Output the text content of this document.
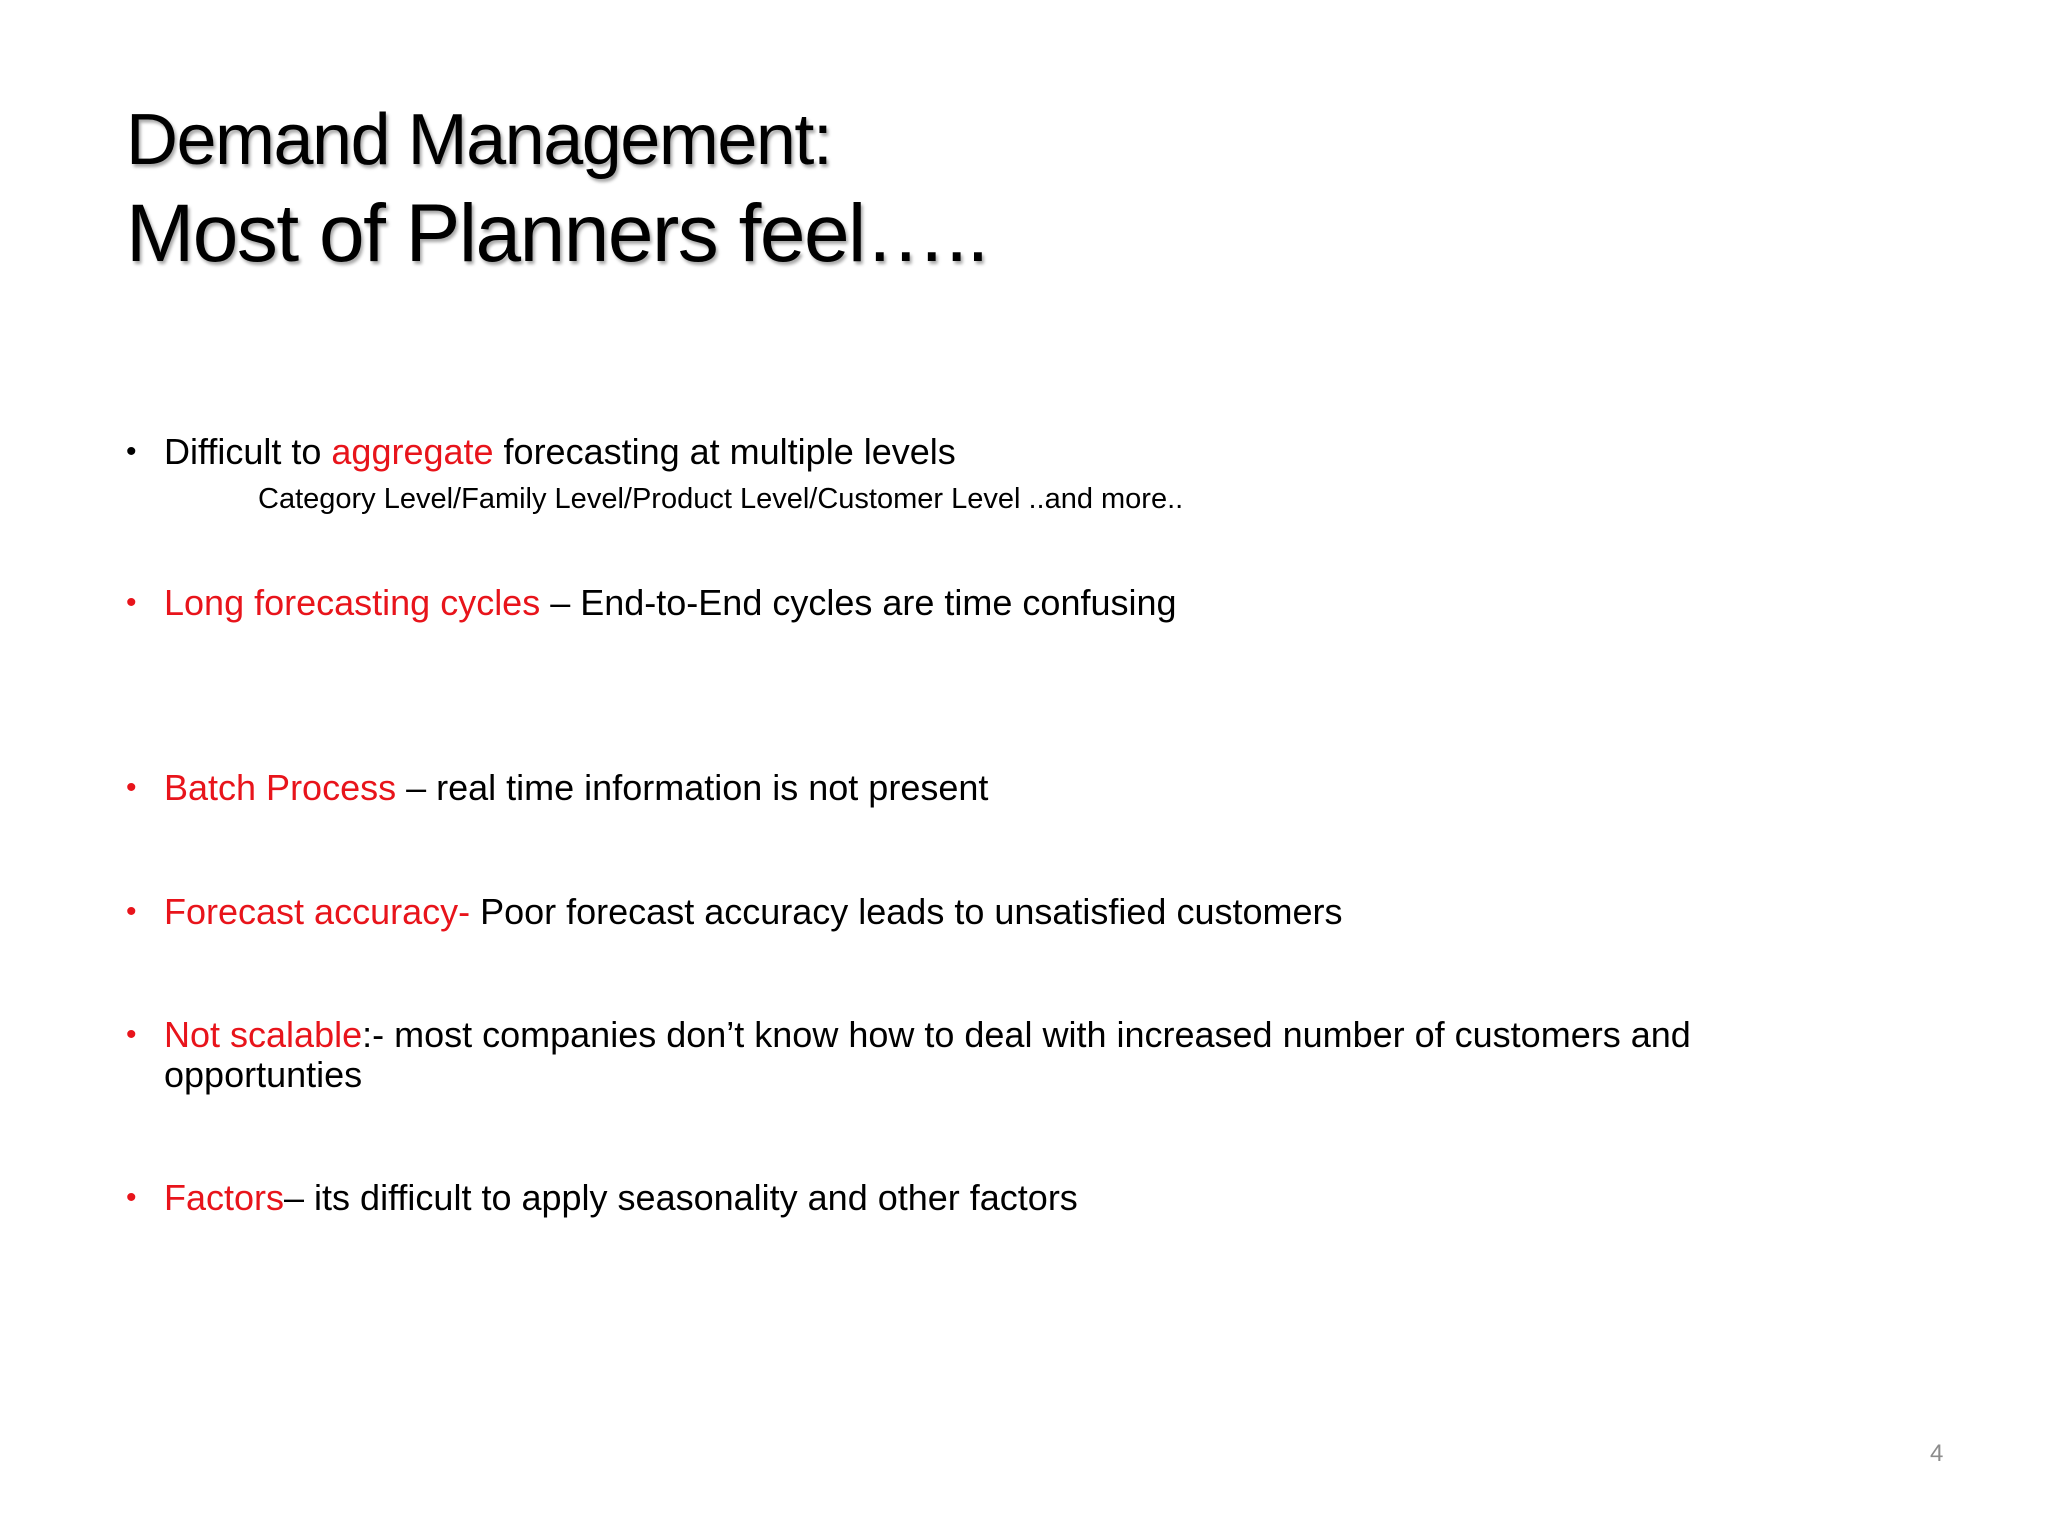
Demand Management:
Most of Planners feel…..
• Difficult to aggregate forecasting at multiple levels
Category Level/Family Level/Product Level/Customer Level ..and more..
• Long forecasting cycles – End-to-End cycles are time confusing
• Batch Process – real time information is not present
• Forecast accuracy- Poor forecast accuracy leads to unsatisfied customers
• Not scalable:- most companies don’t know how to deal with increased number of customers and opportunties
• Factors– its difficult to apply seasonality and other factors
4
